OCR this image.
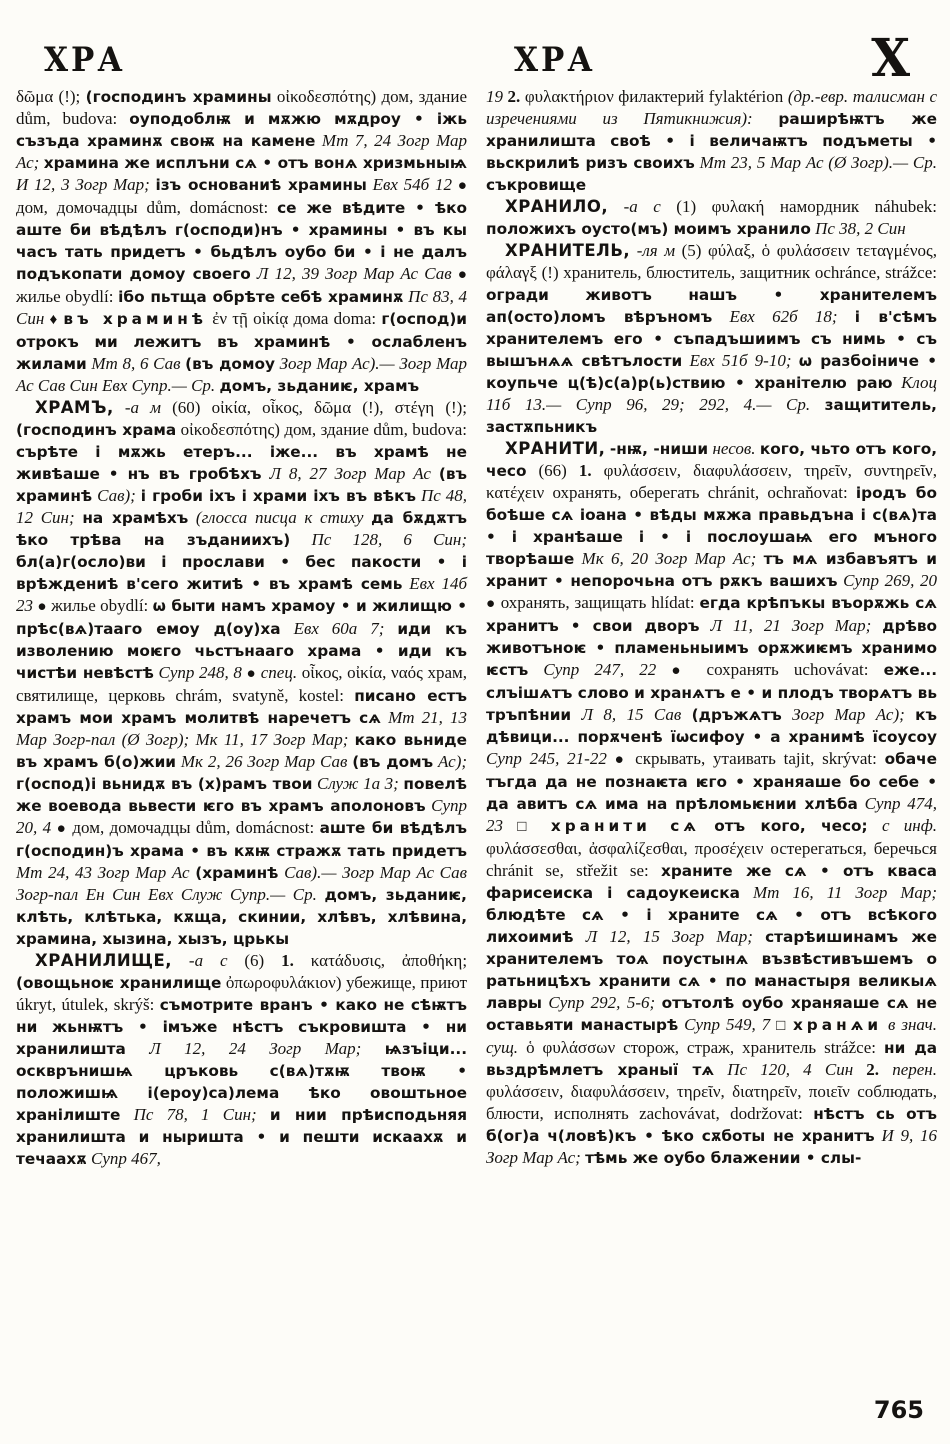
ХРА	ХРА	Х

δῶμα (!); (господинъ храмины οἰκοδεσπότης) дом, здание dům, budova: оуподоблѭ и мѫжю мѫдроу • іжь съзъда храминѫ своѭ на камене Мт 7, 24 Зогр Мар Ас; храмина же исплъни сѧ • отъ вонѧ хризмьныѩ И 12, 3 Зогр Мар; ізъ основаниѣ храмины Евх 54б 12 ● дом, домочадцы dům, domácnost: се же вѣдите • ѣко аште би вѣдѣлъ г(осподи)нъ • храмины • въ кы часъ тать придетъ • бьдѣлъ оубо би • і не далъ подъкопати домоу своего Л 12, 39 Зогр Мар Ас Сав ● жилье obydlí: ібо пьтща обрѣте себѣ храминѫ Пс 83, 4 Син ♦ въ храминѣ ἐν τῇ οἰκίᾳ дома doma: г(оспод)и отрокъ ми лежитъ въ храминѣ • ослабленъ жилами Мт 8, 6 Сав (въ домоу Зогр Мар Ас).— Зогр Мар Ас Сав Син Евх Супр.— Ср. домъ, зьданиѥ, храмъ

ХРАМЪ, -а м (60) οἰκία, οἶκος, δῶμα (!), στέγη (!); (господинъ храма οἰκοδεσπότης) дом, здание dům, budova: сърѣте і мѫжь етеръ... іже... въ храмѣ не живѣаше • нъ въ гробѣхъ Л 8, 27 Зогр Мар Ас (въ храминѣ Сав); і гроби іхъ і храми іхъ въ вѣкъ Пс 48, 12 Син; на храмѣхъ (глосса писца к стиху да бѫдѫтъ ѣко трѣва на зъданиихъ) Пс 128, 6 Син; бл(а)г(осло)ви і прослави • бес пакости • і врѣждениѣ в'сего житиѣ • въ храмѣ семь Евх 14б 23 ● жилье obydlí: ѡ быти намъ храмоу • и жилищю • прѣс(вѧ)тааго емоу д(оу)ха Евх 60а 7; иди къ изволению моѥго чьстънааго храма • иди къ чистѣи невѣстѣ Супр 248, 8 ● спец. οἶκος, οἰκία, ναός храм, святилище, церковь chrám, svatyně, kostel: писано естъ храмъ мои храмъ молитвѣ наречетъ сѧ Мт 21, 13 Мар Зогр-пал (Ø Зогр); Мк 11, 17 Зогр Мар; како вьниде въ храмъ б(о)жии Мк 2, 26 Зогр Мар Сав (въ домъ Ас); г(оспод)і вьнидѫ въ (х)рамъ твои Служ 1а 3; повелѣ же воевода вьвести ѥго въ храмъ аполоновъ Супр 20, 4 ● дом, домочадцы dům, domácnost: аште би вѣдѣлъ г(осподин)ъ храма • въ кѫѭ стражѫ тать придетъ Мт 24, 43 Зогр Мар Ас (храминѣ Сав).— Зогр Мар Ас Сав Зогр-пал Ен Син Евх Служ Супр.— Ср. домъ, зьданиѥ, клѣть, клѣтька, кѫща, скинии, хлѣвъ, хлѣвина, храмина, хызина, хызъ, црькы

ХРАНИЛИЩЕ, -а с (6) 1. κατάδυσις, ἀποθήκη; (овощьноѥ хранилище ὀπωροφυλάκιον) убежище, приют úkryt, útulek, skrýš: съмотрите вранъ • како не сѣѭтъ ни жьнѭтъ • імъже нѣстъ съкровишта • ни хранилишта Л 12, 24 Зогр Мар; ѩзъіци... оскврънишѩ цръковь с(вѧ)тѫѭ твоѭ • положишѩ і(ероу)са)лема ѣко овоштьное хранілиште Пс 78, 1 Син; и нии прѣисподьняя хранилишта и ныришта • и пешти искаахѫ и течаахѫ Супр 467,

19 2. φυλακτήριον филактерий fylaktérion (др.-евр. талисман с изречениями из Пятикнижия): раширѣѭтъ же хранилишта своѣ • і величаѭтъ подъметы • вьскрилиѣ ризъ своихъ Мт 23, 5 Мар Ас (Ø Зогр).— Ср. съкровище

ХРАНИЛО, -а с (1) φυλακή намордник náhubek: положихъ оусто(мъ) моимъ хранило Пс 38, 2 Син

ХРАНИТЕЛЬ, -ля м (5) φύλαξ, ὁ φυλάσσειν τεταγμένος, φάλαγξ (!) хранитель, блюститель, защитник ochránce, strážce: огради животъ нашъ • хранителемъ ап(осто)ломъ вѣръномъ Евх 62б 18; і в'сѣмъ хранителемъ его • съпадъшиимъ съ нимь • съ вышънѧѧ свѣтълости Евх 51б 9-10; ѡ разбоіниче • коупьче ц(ѣ)с(а)р(ь)ствию • хранітелю раю Клоц 11б 13.— Супр 96, 29; 292, 4.— Ср. защититель, застѫпьникъ

ХРАНИТИ, -нѭ, -ниши несов. кого, чьто отъ кого, чесо (66) 1. φυλάσσειν, διαφυλάσσειν, τηρεῖν, συντηρεῖν, κατέχειν охранять, оберегать chránit, ochraňovat: іродъ бо боѣше сѧ іоана • вѣды мѫжа правьдъна і с(вѧ)та • і хранѣаше і • і послоушаѩ его мъного творѣаше Мк 6, 20 Зогр Мар Ас; тъ мѧ избавъятъ и хранит • непорочьна отъ рѫкъ вашихъ Супр 269, 20 ● охранять, защищать hlídat: егда крѣпъкы въорѫжь сѧ хранитъ • свои дворъ Л 11, 21 Зогр Мар; дрѣво животъноѥ • пламеньныимъ орѫжиѥмъ хранимо ѥстъ Супр 247, 22 ● сохранять uchovávat: еже... слъішѧтъ слово и хранѧтъ е • и плодъ творѧтъ вь тръпѣнии Л 8, 15 Сав (дръжѧтъ Зогр Мар Ас); къ дѣвици... порѫченѣ їѡсифоу • а хранимѣ їсоусоу Супр 245, 21-22 ● скрывать, утаивать tajit, skrývat: обаче тъгда да не познаѥта ѥго • храняаше бо себе • да авитъ сѧ има на прѣломьѥнии хлѣба Супр 474, 23 □ хранити сѧ отъ кого, чесо; с инф. φυλάσσεσθαι, ἀσφαλίζεσθαι, προσέχειν остерегаться, беречься chránit se, střežit se: храните же сѧ • отъ кваса фарисеиска і садоукеиска Мт 16, 11 Зогр Мар; блюдѣте сѧ • і храните сѧ • отъ всѣкого лихоимиѣ Л 12, 15 Зогр Мар; старѣишинамъ же хранителемъ тоѧ поустынѧ възвѣстивъшемъ о ратьницѣхъ хранити сѧ • по манастыря великыѧ лавры Супр 292, 5-6; отътолѣ оубо храняаше сѧ не оставьяти манастырѣ Супр 549, 7 □ хранѧи в знач. сущ. ὁ φυλάσσων сторож, страж, хранитель strážce: ни да вьздрѣмлетъ храныї тѧ Пс 120, 4 Син 2. перен. φυλάσσειν, διαφυλάσσειν, τηρεῖν, διατηρεῖν, ποιεῖν соблюдать, блюсти, исполнять zachovávat, dodržovat: нѣстъ сь отъ б(ог)а ч(ловѣ)къ • ѣко сѫботы не хранитъ И 9, 16 Зогр Мар Ас; тѣмь же оубо блажении • слы-

765
